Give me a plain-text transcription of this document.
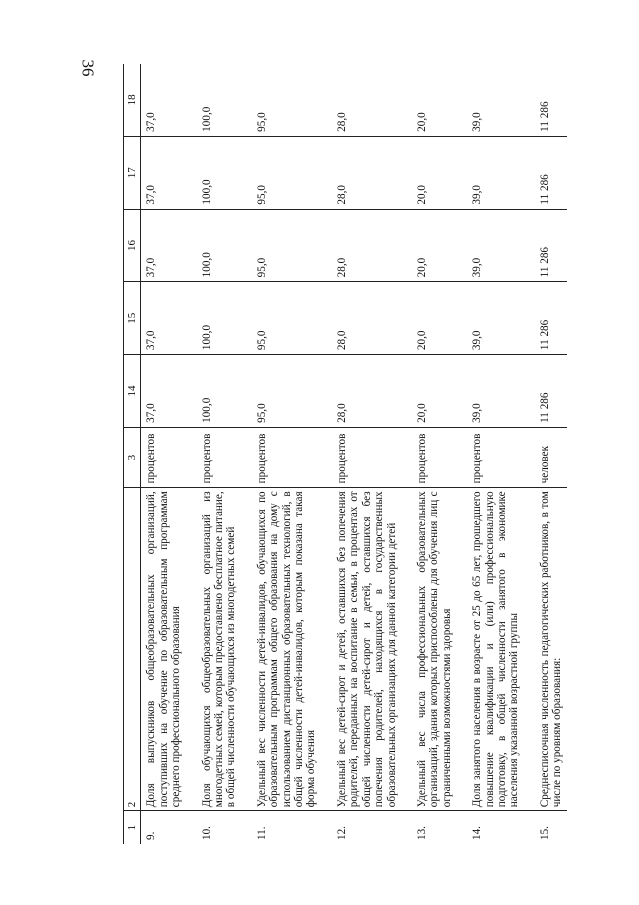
36
1	2	3	14	15	16	17	18
9.	Доля выпускников общеобразовательных организаций, поступивших на обучение по образовательным программам среднего профессионального образования	процентов	37,0	37,0	37,0	37,0	37,0
10.	Доля обучающихся общеобразовательных организаций из многодетных семей, которым предоставлено бесплатное питание, в общей численности обучающихся из многодетных семей	процентов	100,0	100,0	100,0	100,0	100,0
11.	Удельный вес численности детей-инвалидов, обучающихся по образовательным программам общего образования на дому с использованием дистанционных образовательных технологий, в общей численности детей-инвалидов, которым показана такая форма обучения	процентов	95,0	95,0	95,0	95,0	95,0
12.	Удельный вес детей-сирот и детей, оставшихся без попечения родителей, переданных на воспитание в семьи, в процентах от общей численности детей-сирот и детей, оставшихся без попечения родителей, находящихся в государственных образовательных организациях для данной категории детей	процентов	28,0	28,0	28,0	28,0	28,0
13.	Удельный вес числа профессиональных образовательных организаций, здания которых приспособлены для обучения лиц с ограниченными возможностями здоровья	процентов	20,0	20,0	20,0	20,0	20,0
14.	Доля занятого населения в возрасте от 25 до 65 лет, прошедшего повышение квалификации и (или) профессиональную подготовку, в общей численности занятого в экономике населения указанной возрастной группы	процентов	39,0	39,0	39,0	39,0	39,0
15.	Среднесписочная численность педагогических работников, в том числе по уровням образования:	человек	11 286	11 286	11 286	11 286	11 286
